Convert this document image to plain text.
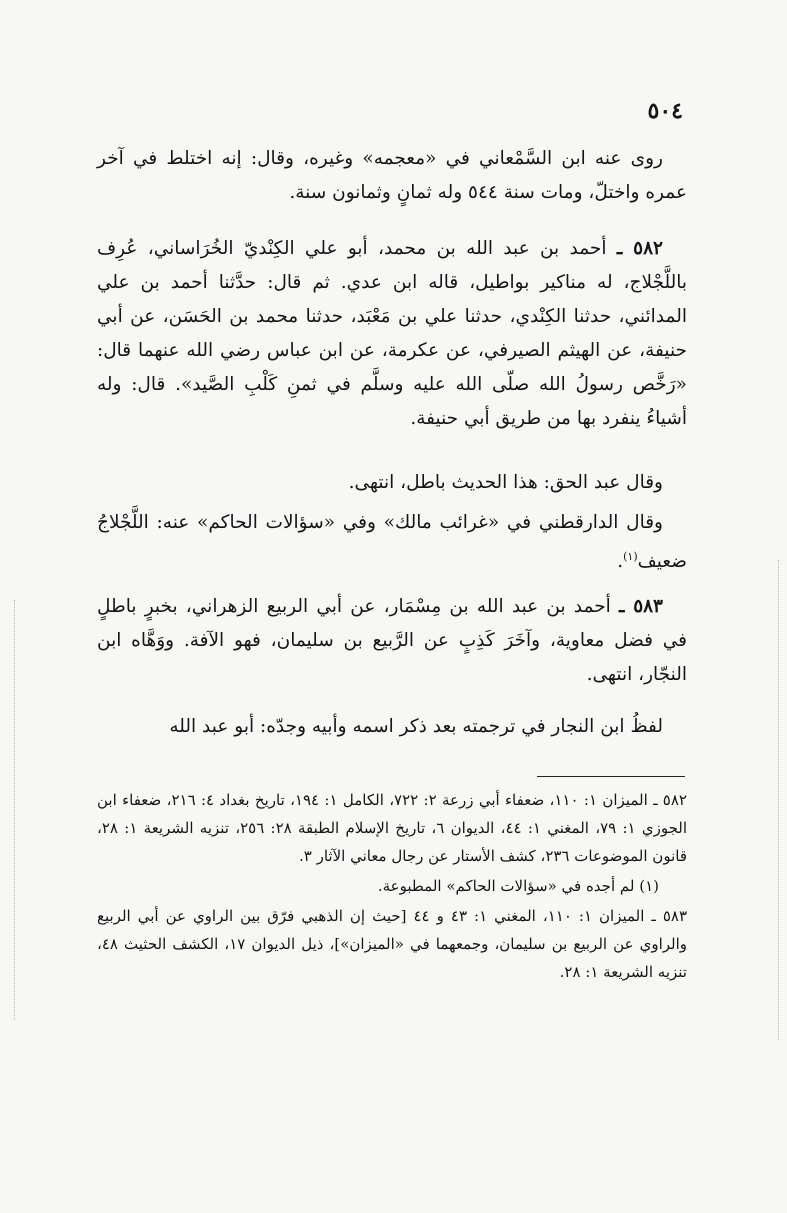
٥٠٤
روى عنه ابن السَّمْعاني في «معجمه» وغيره، وقال: إنه اختلط في آخر عمره واختلّ، ومات سنة ٥٤٤ وله ثمانٍ وثمانون سنة.
٥٨٢ ـ أحمد بن عبد الله بن محمد، أبو علي الكِنْديّ الخُرَاساني، عُرِف باللَّجْلاج، له مناكير بواطيل، قاله ابن عدي. ثم قال: حدَّثنا أحمد بن علي المدائني، حدثنا الكِنْدي، حدثنا علي بن مَعْبَد، حدثنا محمد بن الحَسَن، عن أبي حنيفة، عن الهيثم الصيرفي، عن عكرمة، عن ابن عباس رضي الله عنهما قال: «رَخَّص رسولُ الله صلّى الله عليه وسلَّم في ثمنِ كَلْبِ الصَّيد». قال: وله أشياءُ ينفرد بها من طريق أبي حنيفة.
وقال عبد الحق: هذا الحديث باطل، انتهى.
وقال الدارقطني في «غرائب مالك» وفي «سؤالات الحاكم» عنه: اللَّجْلاجُ ضعيف$^{(١)}$.
٥٨٣ ـ أحمد بن عبد الله بن مِسْمَار، عن أبي الربيع الزهراني، بخبرٍ باطلٍ في فضل معاوية، وآخَرَ كَذِبٍ عن الرَّبيع بن سليمان، فهو الآفة. ووَهَّاه ابن النجّار، انتهى.
لفظُ ابن النجار في ترجمته بعد ذكر اسمه وأبيه وجدّه: أبو عبد الله
٥٨٢ ـ الميزان ١: ١١٠، ضعفاء أبي زرعة ٢: ٧٢٢، الكامل ١: ١٩٤، تاريخ بغداد ٤: ٢١٦، ضعفاء ابن الجوزي ١: ٧٩، المغني ١: ٤٤، الديوان ٦، تاريخ الإسلام الطبقة ٢٨: ٢٥٦، تنزيه الشريعة ١: ٢٨، قانون الموضوعات ٢٣٦، كشف الأستار عن رجال معاني الآثار ٣.
(١) لم أجده في «سؤالات الحاكم» المطبوعة.
٥٨٣ ـ الميزان ١: ١١٠، المغني ١: ٤٣ و ٤٤ [حيث إن الذهبي فرّق بين الراوي عن أبي الربيع والراوي عن الربيع بن سليمان، وجمعهما في «الميزان»]، ذيل الديوان ١٧، الكشف الحثيث ٤٨، تنزيه الشريعة ١: ٢٨.
